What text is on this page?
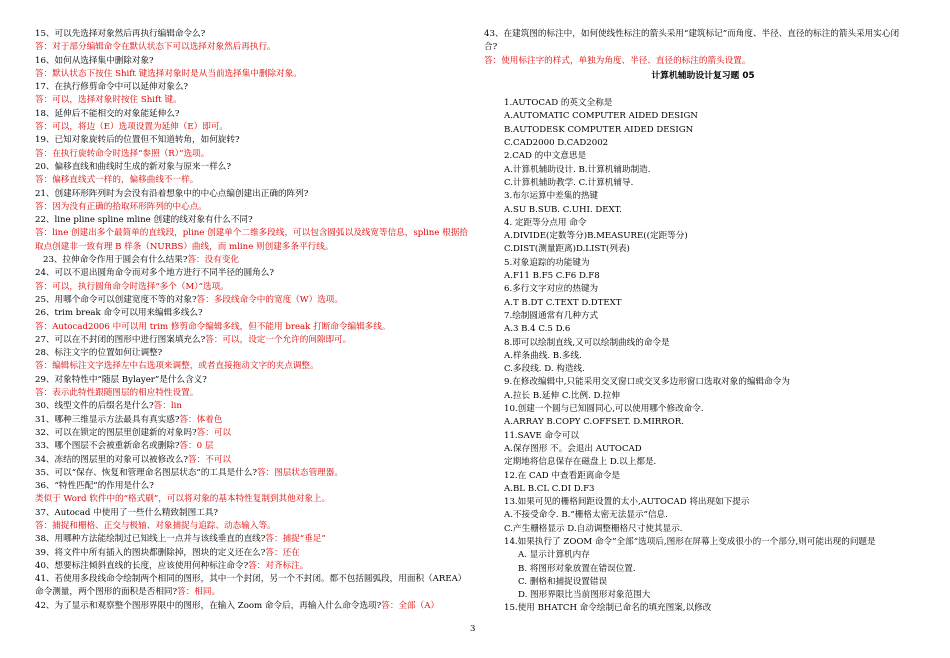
15、可以先选择对象然后再执行编辑命令么?
答：对于部分编辑命令在默认状态下可以选择对象然后再执行。
16、如何从选择集中删除对象?
答：默认状态下按住 Shift 键选择对象时是从当前选择集中删除对象。
17、在执行修剪命令中可以延伸对象么?
答：可以，选择对象时按住 Shift 键。
18、延伸后不能相交的对象能延伸么?
答：可以，将边（E）选项设置为延伸（E）即可。
19、已知对象旋转后的位置但不知道转角，如何旋转?
答：在执行旋转命令时选择“参照（R）”选项。
20、偏移直线和曲线时生成的新对象与原来一样么?
答：偏移直线式一样的，偏移曲线不一样。
21、创建环形阵列时为会没有沿着想象中的中心点编创建出正确的阵列?
答：因为没有正确的拾取环形阵列的中心点。
22、line pline spline mline 创建的线对象有什么不同?
答：line 创建出多个最简单的直线段，pline 创建单个二维多段线，可以包含圆弧以及线宽等信息，spline 根据拾
取点创建非一致有理 B 样条（NURBS）曲线，而 mline 则创建多条平行线。
23、拉伸命令作用于圆会有什么结果?答：没有变化
24、可以不退出圆角命令而对多个地方进行不同半径的圆角么?
答：可以，执行圆角命令时选择“多个（M）”选项。
25、用哪个命令可以创建宽度不等的对象?答：多段线命令中的宽度（W）选项。
26、trim break 命令可以用来编辑多线么?
答：Autocad2006 中可以用 trim 修剪命令编辑多线，但不能用 break 打断命令编辑多线。
27、可以在不封闭的图形中进行图案填充么?答：可以，设定一个允许的间隙即可。
28、标注文字的位置如何让调整?
答：编辑标注文字选择左中右选项来调整，或者直接拖动文字的夹点调整。
29、对象特性中“随层 Bylayer”是什么含义?
答：表示此特性跟随图层的相应特性设置。
30、线型文件的后缀名是什么?答：lin
31、哪种三维显示方法最具有真实感?答：体着色
32、可以在锁定的图层里创建新的对象吗?答：可以
33、哪个图层不会被重新命名或删除?答：0 层
34、冻结的图层里的对象可以被修改么?答：不可以
35、可以“保存、恢复和管理命名图层状态”的工具是什么?答：图层状态管理器。
36、“特性匹配”的作用是什么?
类似于 Word 软件中的“格式刷”，可以将对象的基本特性复制到其他对象上。
37、Autocad 中使用了一些什么精致制图工具?
答：捕捉和栅格、正交与极轴、对象捕捉与追踪、动态输入等。
38、用哪种方法能绘制过已知线上一点并与该线垂直的直线?答：捕捉“垂足”
39、将文件中所有插入的图块都删除掉，图块的定义还在么?答：还在
40、想要标注倾斜直线的长度，应该使用何种标注命令?答：对齐标注。
41、若使用多段线命令绘制两个相同的图形，其中一个封闭，另一个不封闭。都不包括圆弧段，用面积（AREA）
命令测量，两个图形的面积是否相同?答：相同。
42、为了显示和观察整个图形界限中的图形，在输入 Zoom 命令后，再输入什么命令选项?答：全部（A）
43、在建筑图的标注中，如何使线性标注的箭头采用“建筑标记”而角度、半径、直径的标注的箭头采用实心闭
合?
答：使用标注字的样式，单独为角度、半径、直径的标注的箭头设置。
计算机辅助设计复习题 05
1.AUTOCAD 的英文全称是
A.AUTOMATIC COMPUTER AIDED DESIGN
B.AUTODESK COMPUTER AIDED DESIGN
C.CAD2000 D.CAD2002
2.CAD 的中文意思是
A.计算机辅助设计. B.计算机辅助制造.
C.计算机辅助教学. C.计算机辅导.
3.布尔运算中差集的热键
A.SU B.SUB. C.UHI. DEXT.
4. 定距等分点用 命令
A.DIVIDE(定数等分)B.MEASURE((定距等分)
C.DIST(测量距离)D.LIST(列表)
5.对象追踪的功能键为
A.F11 B.F5 C.F6 D.F8
6.多行文字对应的热键为
A.T B.DT C.TEXT D.DTEXT
7.绘制圆通常有几种方式
A.3 B.4 C.5 D.6
8.即可以绘制直线,又可以绘制曲线的命令是
A.样条曲线. B.多线.
C.多段线. D. 构造线.
9.在修改编辑中,只能采用交叉窗口或交叉多边形窗口选取对象的编辑命令为
A.拉长 B.延伸 C.比例. D.拉伸
10.创建一个圆与已知圆同心,可以使用哪个修改命令.
A.ARRAY B.COPY C.OFFSET. D.MIRROR.
11.SAVE 命令可以
A.保存图形 不。会退出 AUTOCAD
定期地将信息保存在磁盘上 D.以上都是.
12.在 CAD 中查看距离命令是
A.BL B.CL C.DI D.F3
13.如果可见的栅格间距设置的太小,AUTOCAD 将出现如下提示
A.不接受命令. B.”栅格太密无法显示”信息.
C.产生栅格显示 D.自动调整栅格尺寸使其显示.
14.如果执行了 ZOOM 命令”全部”选项后,图形在屏幕上变成很小的一个部分,则可能出现的问题是
A. 显示计算机内存
B. 将图形对象放置在错误位置.
C. 删格和捕捉设置错误
D. 图形界限比当前图形对象范围大
15.使用 BHATCH 命令绘制已命名的填充图案,以修改
3
